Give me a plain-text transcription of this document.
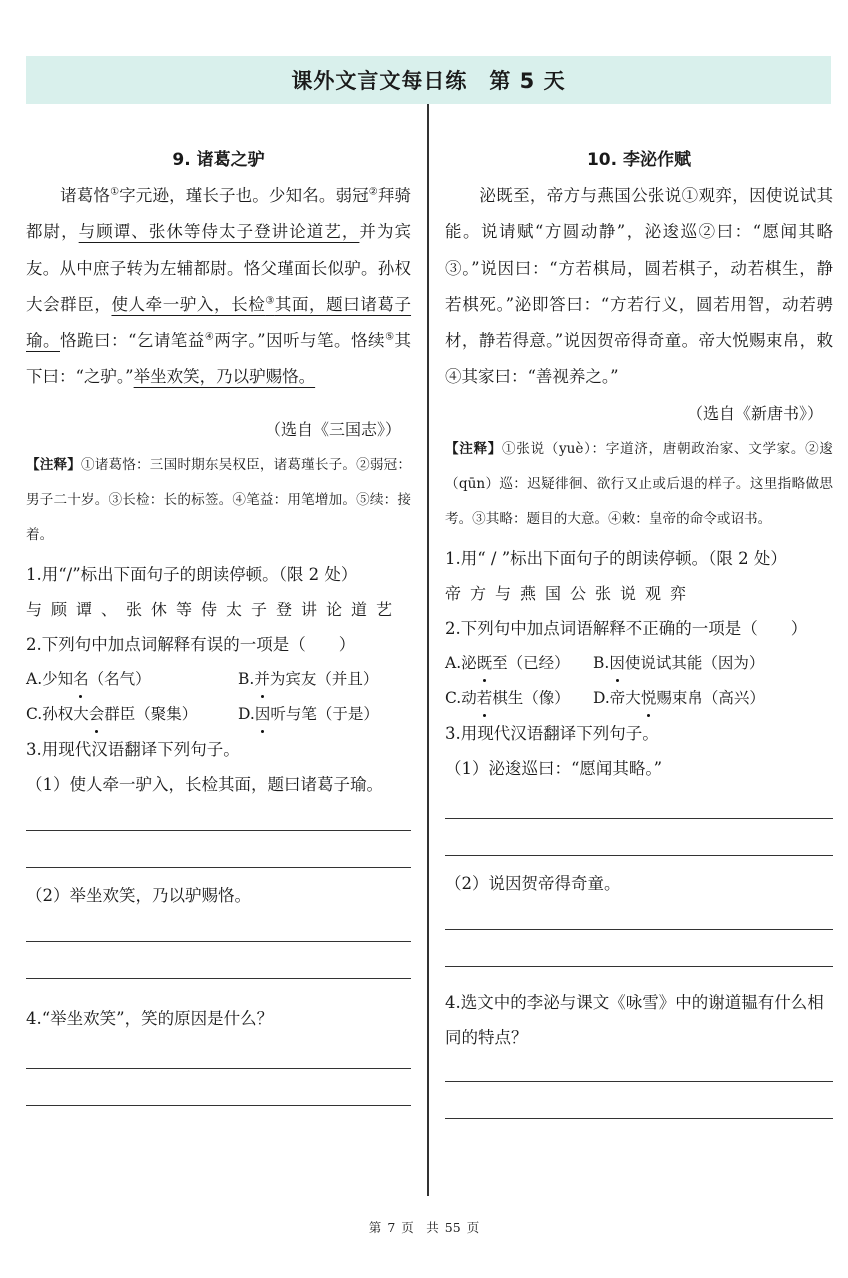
课外文言文每日练 第 5 天
9. 诸葛之驴
诸葛恪①字元逊，瑾长子也。少知名。弱冠②拜骑都尉，与顾谭、张休等侍太子登讲论道艺，并为宾友。从中庶子转为左辅都尉。恪父瑾面长似驴。孙权大会群臣，使人牵一驴入，长检③其面，题曰诸葛子瑜。恪跪曰：“乞请笔益④两字。”因听与笔。恪续⑤其下曰：“之驴。”举坐欢笑，乃以驴赐恪。
（选自《三国志》）
【注释】①诸葛恪：三国时期东吴权臣，诸葛瑾长子。②弱冠：男子二十岁。③长检：长的标签。④笔益：用笔增加。⑤续：接着。
1.用“/”标出下面句子的朗读停顿。（限 2 处）
与顾谭、张休等侍太子登讲论道艺
2.下列句中加点词解释有误的一项是（　　）
A.少知名（名气）	B.并为宾友（并且）
C.孙权大会群臣（聚集）	D.因听与笔（于是）
3.用现代汉语翻译下列句子。
（1）使人牵一驴入，长检其面，题曰诸葛子瑜。
（2）举坐欢笑，乃以驴赐恪。
4.“举坐欢笑”，笑的原因是什么？
10. 李泌作赋
泌既至，帝方与燕国公张说①观弈，因使说试其能。说请赋“方圆动静”，泌逡巡②曰：“愿闻其略③。”说因曰：“方若棋局，圆若棋子，动若棋生，静若棋死。”泌即答曰：“方若行义，圆若用智，动若骋材，静若得意。”说因贺帝得奇童。帝大悦赐束帛，敕④其家曰：“善视养之。”
（选自《新唐书》）
【注释】①张说（yuè）：字道济，唐朝政治家、文学家。②逡（qūn）巡：迟疑徘徊、欲行又止或后退的样子。这里指略做思考。③其略：题目的大意。④敕：皇帝的命令或诏书。
1.用“ / ”标出下面句子的朗读停顿。（限 2 处）
帝方与燕国公张说观弈
2.下列句中加点词语解释不正确的一项是（　　）
A.泌既至（已经）	B.因使说试其能（因为）
C.动若棋生（像）	D.帝大悦赐束帛（高兴）
3.用现代汉语翻译下列句子。
（1）泌逡巡曰：“愿闻其略。”
（2）说因贺帝得奇童。
4.选文中的李泌与课文《咏雪》中的谢道韫有什么相同的特点？
第 7 页　共 55 页
